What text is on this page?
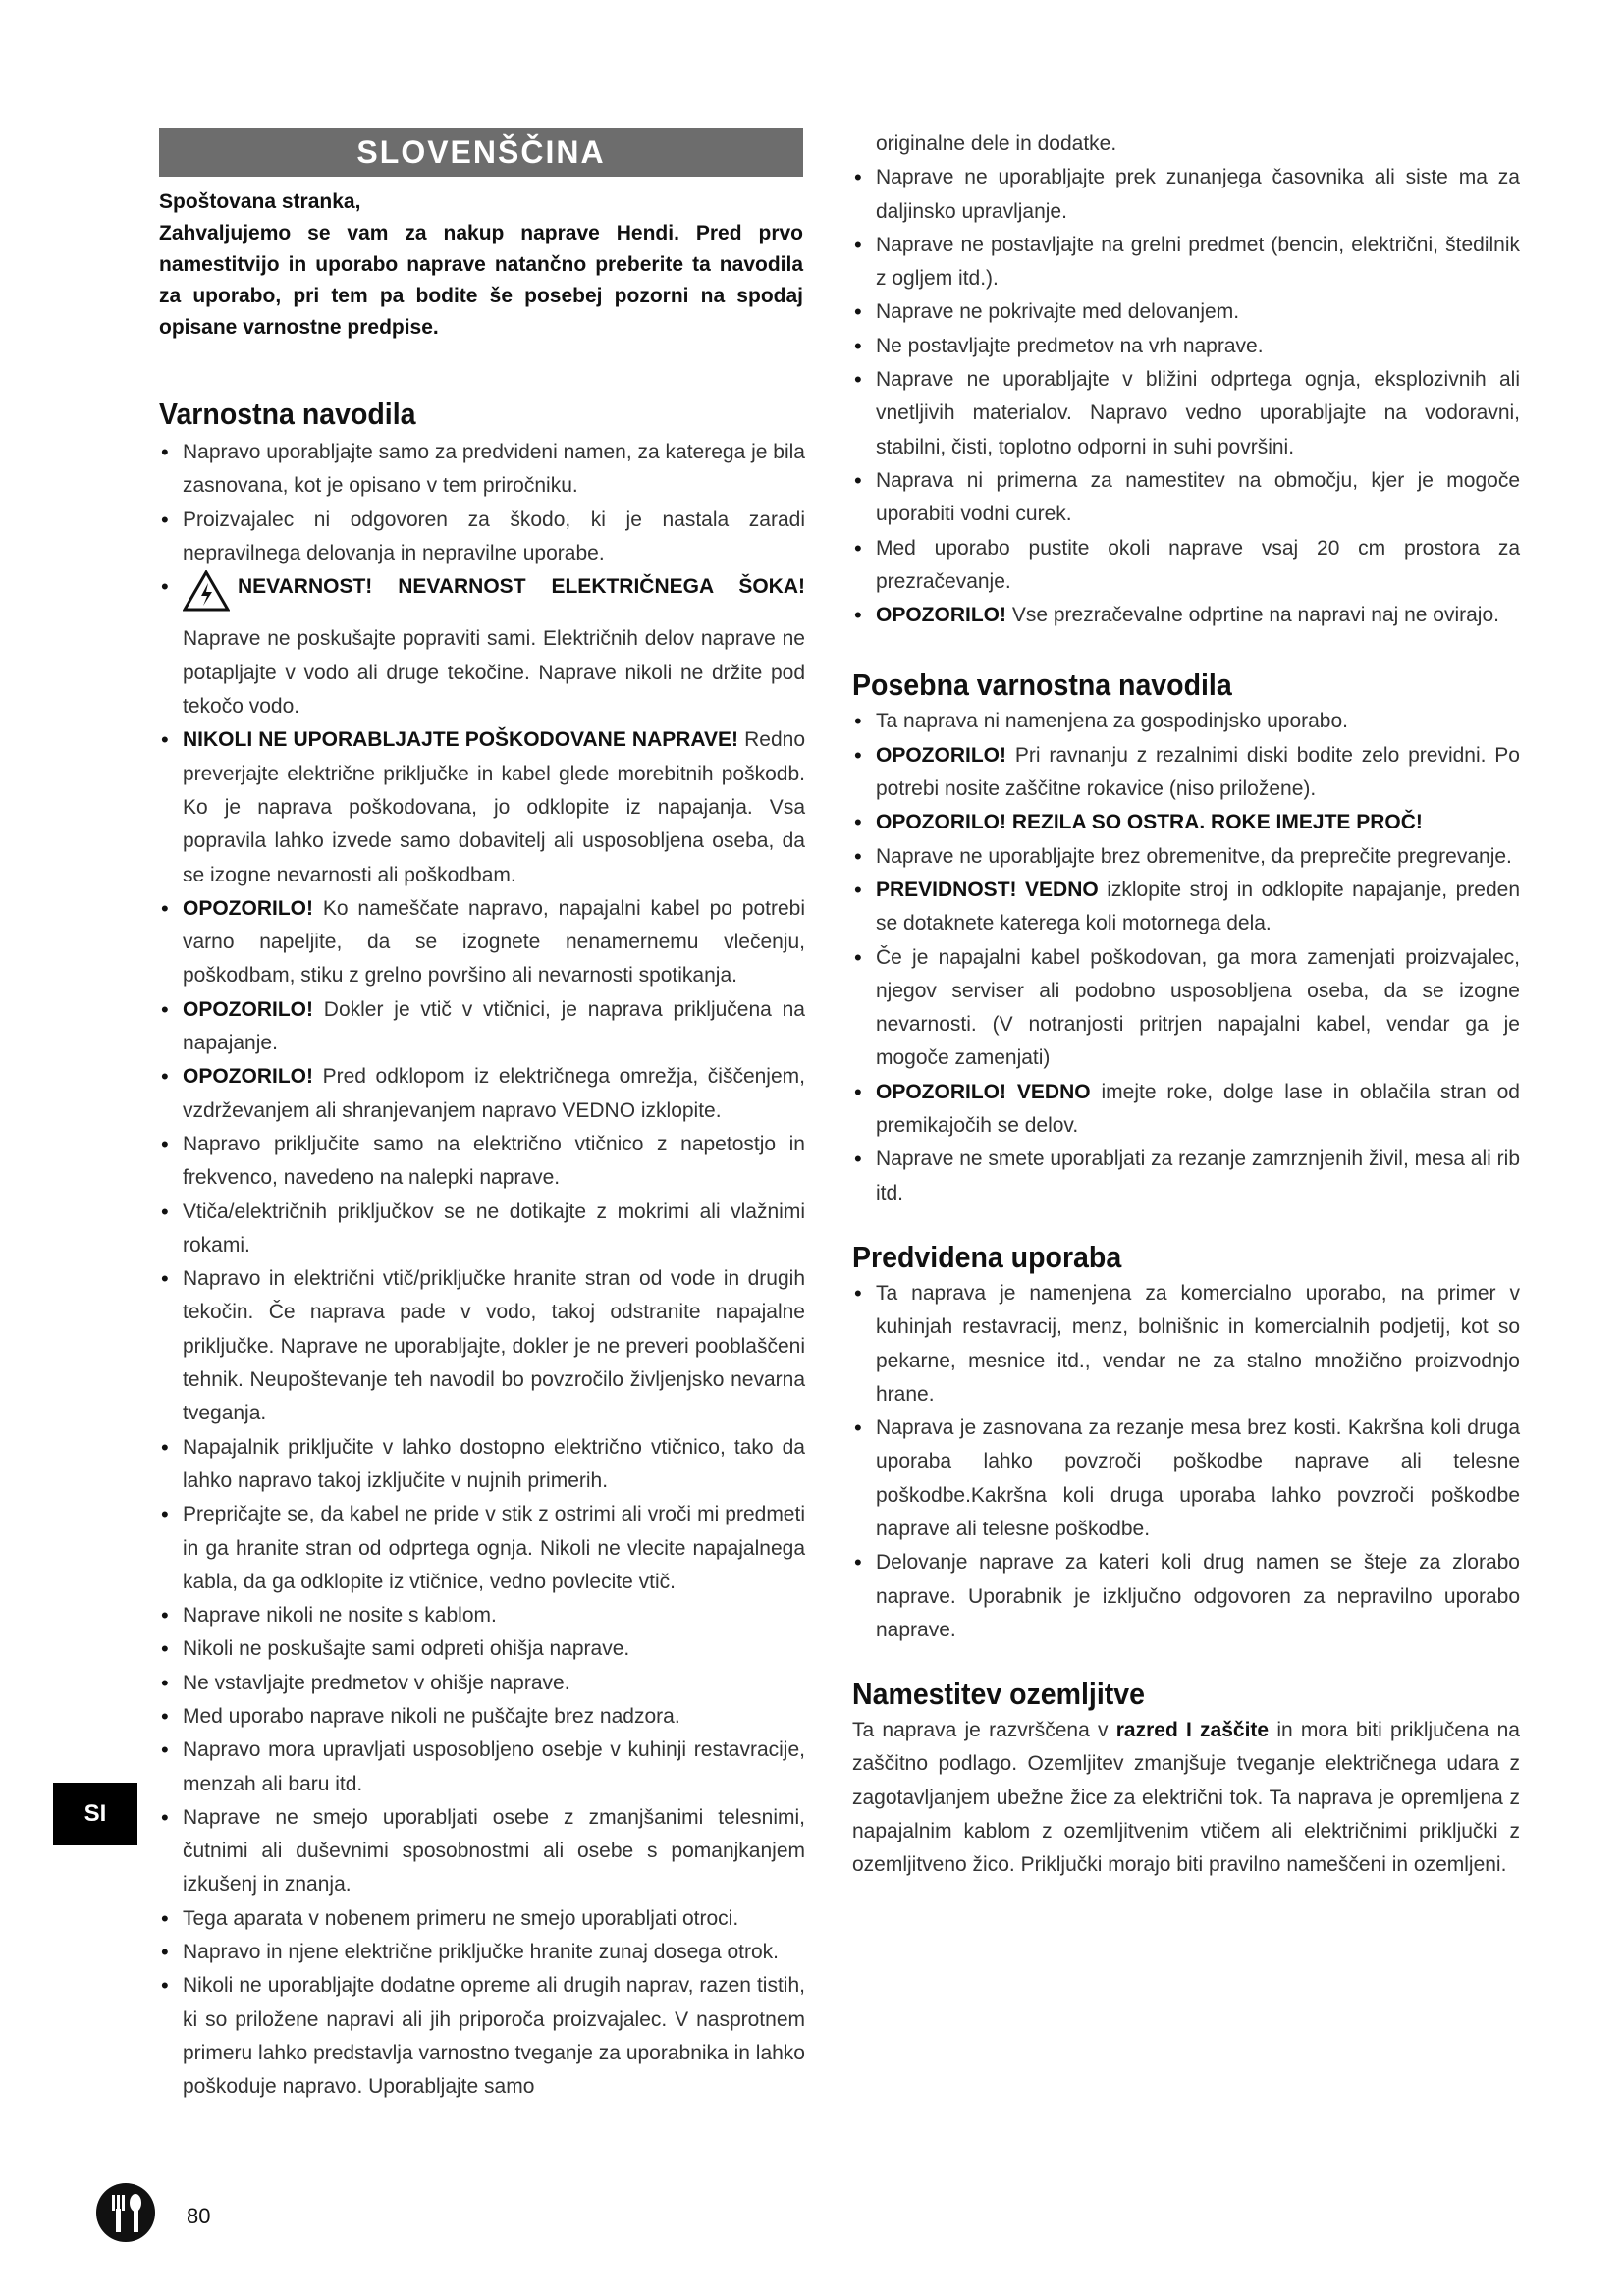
SLOVENŠČINA

Spoštovana stranka,

Zahvaljujemo se vam za nakup naprave Hendi. Pred prvo namestitvijo in uporabo naprave natančno preberite ta navodila za uporabo, pri tem pa bodite še posebej pozorni na spodaj opisane varnostne predpise.

Varnostna navodila
• Napravo uporabljajte samo za predvideni namen, za katerega je bila zasnovana, kot je opisano v tem priročniku.
• Proizvajalec ni odgovoren za škodo, ki je nastala zaradi nepravilnega delovanja in nepravilne uporabe.
• NEVARNOST! NEVARNOST ELEKTRIČNEGA ŠOKA! Naprave ne poskušajte popraviti sami. Električnih delov naprave ne potapljajte v vodo ali druge tekočine. Naprave nikoli ne držite pod tekočo vodo.
• NIKOLI NE UPORABLJAJTE POŠKODOVANE NAPRAVE! Redno preverjajte električne priključke in kabel glede morebitnih poškodb. Ko je naprava poškodovana, jo odklopite iz napajanja. Vsa popravila lahko izvede samo dobavitelj ali usposobljena oseba, da se izogne nevarnosti ali poškodbam.
• OPOZORILO! Ko nameščate napravo, napajalni kabel po potrebi varno napeljite, da se izognete nenamernemu vlečenju, poškodbam, stiku z grelno površino ali nevarnosti spotikanja.
• OPOZORILO! Dokler je vtič v vtičnici, je naprava priključena na napajanje.
• OPOZORILO! Pred odklopom iz električnega omrežja, čiščenjem, vzdrževanjem ali shranjevanjem napravo VEDNO izklopite.
• Napravo priključite samo na električno vtičnico z napetostjo in frekvenco, navedeno na nalepki naprave.
• Vtiča/električnih priključkov se ne dotikajte z mokrimi ali vlažnimi rokami.
• Napravo in električni vtič/priključke hranite stran od vode in drugih tekočin. Če naprava pade v vodo, takoj odstranite napajalne priključke. Naprave ne uporabljajte, dokler je ne preveri pooblaščeni tehnik. Neupoštevanje teh navodil bo povzročilo življenjsko nevarna tveganja.
• Napajalnik priključite v lahko dostopno električno vtičnico, tako da lahko napravo takoj izključite v nujnih primerih.
• Prepričajte se, da kabel ne pride v stik z ostrimi ali vroči mi predmeti in ga hranite stran od odprtega ognja. Nikoli ne vlecite napajalnega kabla, da ga odklopite iz vtičnice, vedno povlecite vtič.
• Naprave nikoli ne nosite s kablom.
• Nikoli ne poskušajte sami odpreti ohišja naprave.
• Ne vstavljajte predmetov v ohišje naprave.
• Med uporabo naprave nikoli ne puščajte brez nadzora.
• Napravo mora upravljati usposobljeno osebje v kuhinji restavracije, menzah ali baru itd.
• Naprave ne smejo uporabljati osebe z zmanjšanimi telesnimi, čutnimi ali duševnimi sposobnostmi ali osebe s pomanjkanjem izkušenj in znanja.
• Tega aparata v nobenem primeru ne smejo uporabljati otroci.
• Napravo in njene električne priključke hranite zunaj dosega otrok.
• Nikoli ne uporabljajte dodatne opreme ali drugih naprav, razen tistih, ki so priložene napravi ali jih priporoča proizvajalec. V nasprotnem primeru lahko predstavlja varnostno tveganje za uporabnika in lahko poškoduje napravo. Uporabljajte samo

originalne dele in dodatke.

• Naprave ne uporabljajte prek zunanjega časovnika ali siste ma za daljinsko upravljanje.
• Naprave ne postavljajte na grelni predmet (bencin, električni, štedilnik z ogljem itd.).
• Naprave ne pokrivajte med delovanjem.
• Ne postavljajte predmetov na vrh naprave.
• Naprave ne uporabljajte v bližini odprtega ognja, eksplozivnih ali vnetljivih materialov. Napravo vedno uporabljajte na vodoravni, stabilni, čisti, toplotno odporni in suhi površini.
• Naprava ni primerna za namestitev na območju, kjer je mogoče uporabiti vodni curek.
• Med uporabo pustite okoli naprave vsaj 20 cm prostora za prezračevanje.
• OPOZORILO! Vse prezračevalne odprtine na napravi naj ne ovirajo.
Posebna varnostna navodila
• Ta naprava ni namenjena za gospodinjsko uporabo.
• OPOZORILO! Pri ravnanju z rezalnimi diski bodite zelo previdni. Po potrebi nosite zaščitne rokavice (niso priložene).
• OPOZORILO! REZILA SO OSTRA. ROKE IMEJTE PROČ!
• Naprave ne uporabljajte brez obremenitve, da preprečite pregrevanje.
• PREVIDNOST! VEDNO izklopite stroj in odklopite napajanje, preden se dotaknete katerega koli motornega dela.
• Če je napajalni kabel poškodovan, ga mora zamenjati proizvajalec, njegov serviser ali podobno usposobljena oseba, da se izogne nevarnosti. (V notranjosti pritrjen napajalni kabel, vendar ga je mogoče zamenjati)
• OPOZORILO! VEDNO imejte roke, dolge lase in oblačila stran od premikajočih se delov.
• Naprave ne smete uporabljati za rezanje zamrznjenih živil, mesa ali rib itd.
Predvidena uporaba
• Ta naprava je namenjena za komercialno uporabo, na primer v kuhinjah restavracij, menz, bolnišnic in komercialnih podjetij, kot so pekarne, mesnice itd., vendar ne za stalno množično proizvodnjo hrane.
• Naprava je zasnovana za rezanje mesa brez kosti. Kakršna koli druga uporaba lahko povzroči poškodbe naprave ali telesne poškodbe.Kakršna koli druga uporaba lahko povzroči poškodbe naprave ali telesne poškodbe.
• Delovanje naprave za kateri koli drug namen se šteje za zlorabo naprave. Uporabnik je izključno odgovoren za nepravilno uporabo naprave.
Namestitev ozemljitve

Ta naprava je razvrščena v razred I zaščite in mora biti priključena na zaščitno podlago. Ozemljitev zmanjšuje tveganje električnega udara z zagotavljanjem ubežne žice za električni tok. Ta naprava je opremljena z napajalnim kablom z ozemljitvenim vtičem ali električnimi priključki z ozemljitveno žico. Priključki morajo biti pravilno nameščeni in ozemljeni.

SI
80
